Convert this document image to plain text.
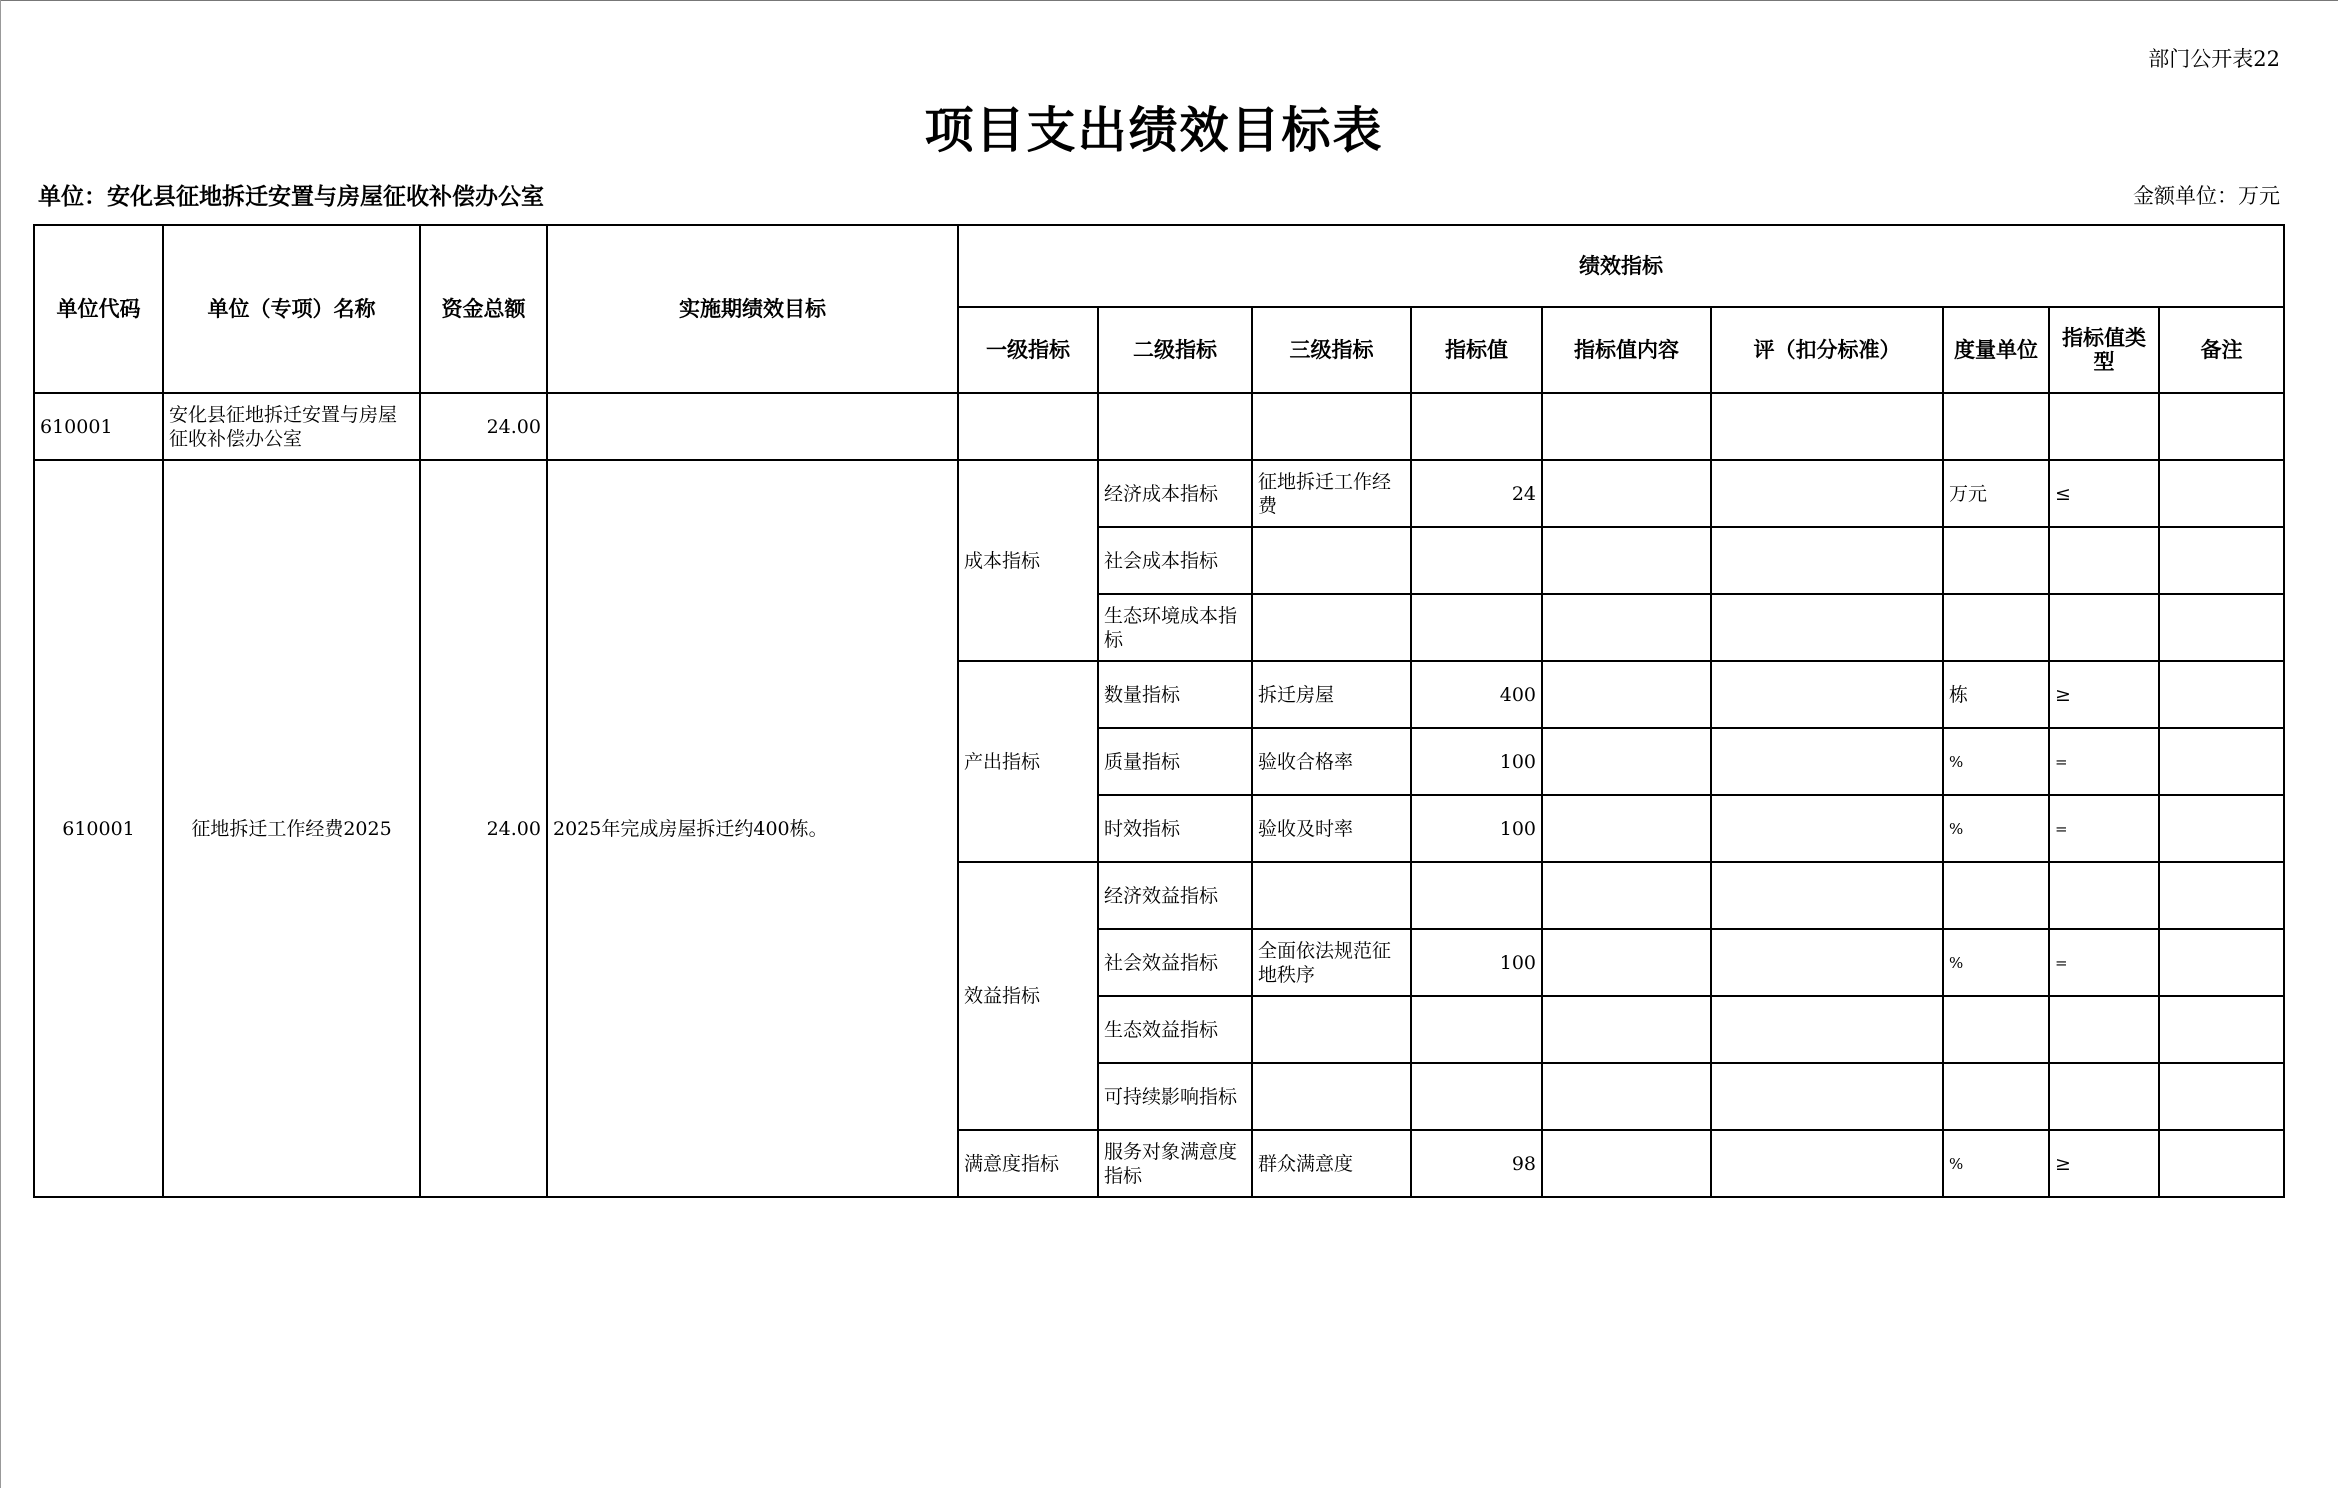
部门公开表22
项目支出绩效目标表
单位：安化县征地拆迁安置与房屋征收补偿办公室	金额单位：万元
单位代码	单位（专项）名称	资金总额	实施期绩效目标	绩效指标								
				一级指标	二级指标	三级指标	指标值	指标值内容	评（扣分标准）	度量单位	指标值类型	备注
610001	安化县征地拆迁安置与房屋征收补偿办公室	24.00										
610001	征地拆迁工作经费2025	24.00	2025年完成房屋拆迁约400栋。	成本指标	经济成本指标	征地拆迁工作经费	24			万元	≤	
					社会成本指标							
					生态环境成本指标							
				产出指标	数量指标	拆迁房屋	400			栋	≥	
					质量指标	验收合格率	100			%	=	
					时效指标	验收及时率	100			%	=	
				效益指标	经济效益指标							
					社会效益指标	全面依法规范征地秩序	100			%	=	
					生态效益指标							
					可持续影响指标							
				满意度指标	服务对象满意度指标	群众满意度	98			%	≥	
